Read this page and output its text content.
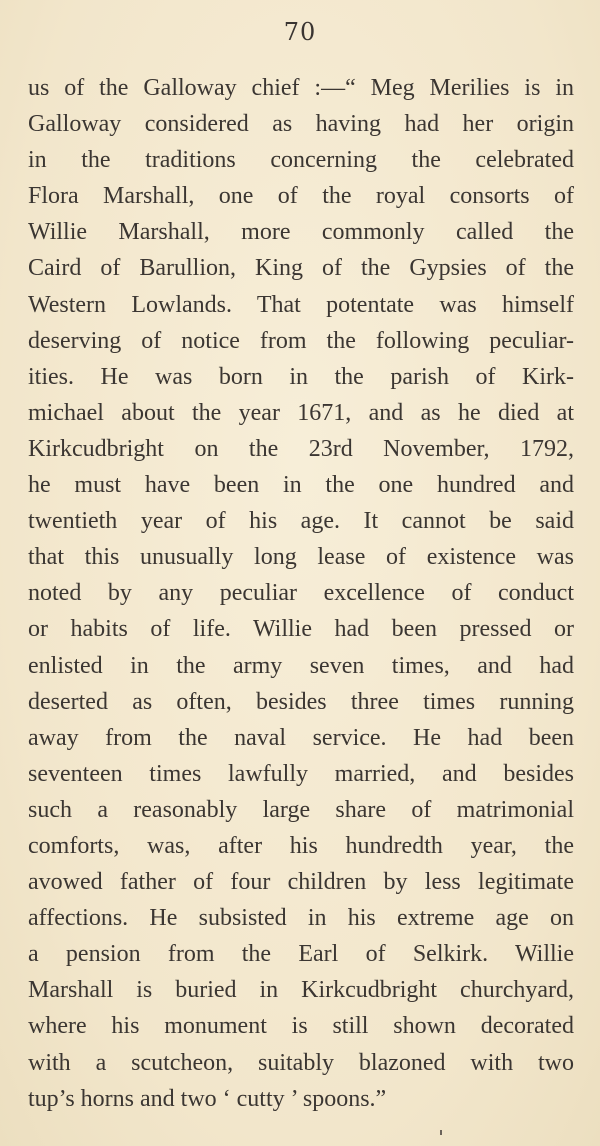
70
us of the Galloway chief :—“ Meg Merilies is in
Galloway considered as having had her origin
in the traditions concerning the celebrated
Flora Marshall, one of the royal consorts of
Willie Marshall, more commonly called the
Caird of Barullion, King of the Gypsies of the
Western Lowlands. That potentate was himself
deserving of notice from the following peculiar-
ities. He was born in the parish of Kirk-
michael about the year 1671, and as he died at
Kirkcudbright on the 23rd November, 1792,
he must have been in the one hundred and
twentieth year of his age. It cannot be said
that this unusually long lease of existence was
noted by any peculiar excellence of conduct
or habits of life. Willie had been pressed or
enlisted in the army seven times, and had
deserted as often, besides three times running
away from the naval service. He had been
seventeen times lawfully married, and besides
such a reasonably large share of matrimonial
comforts, was, after his hundredth year, the
avowed father of four children by less legitimate
affections. He subsisted in his extreme age on
a pension from the Earl of Selkirk. Willie
Marshall is buried in Kirkcudbright churchyard,
where his monument is still shown decorated
with a scutcheon, suitably blazoned with two
tup’s horns and two ‘ cutty ’ spoons.”
